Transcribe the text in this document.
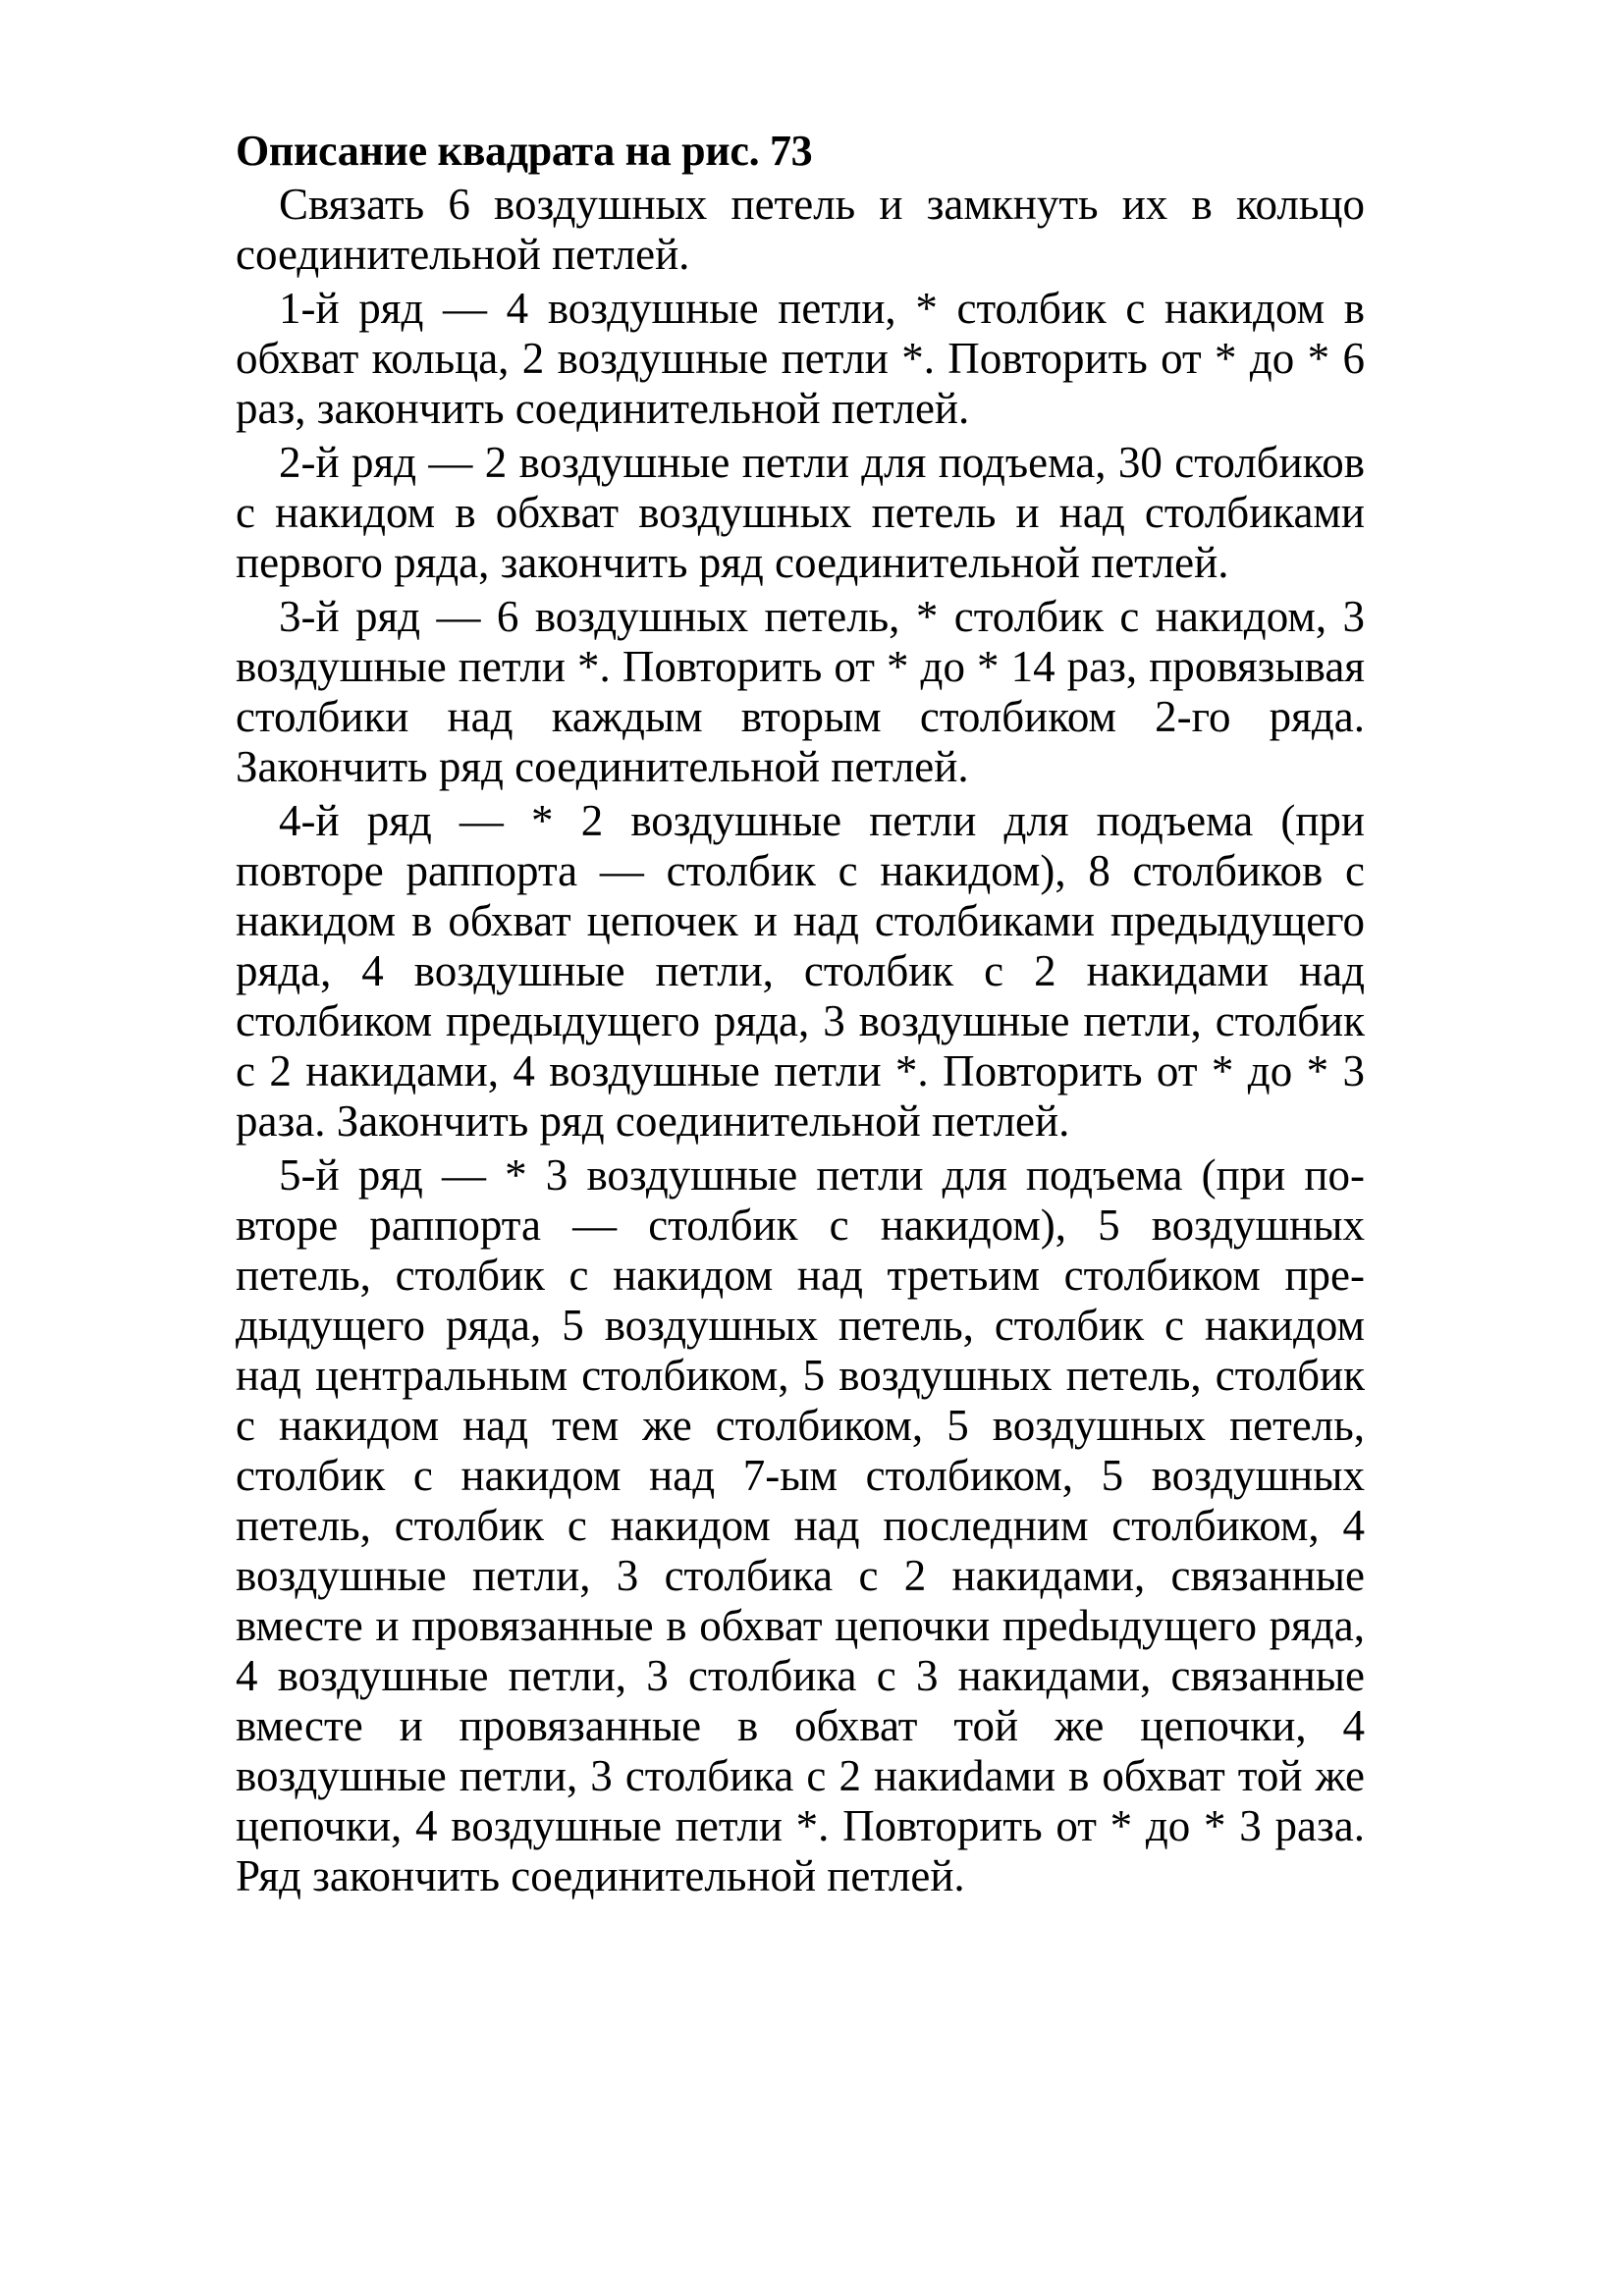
Описание квадрата на рис. 73

Связать 6 воздушных петель и замкнуть их в кольцо соединительной петлей.

1-й ряд — 4 воздушные петли, * столбик с накидом в обхват кольца, 2 воздушные петли *. Повторить от * до * 6 раз, закончить соединительной петлей.

2-й ряд — 2 воздушные петли для подъема, 30 столбиков с накидом в обхват воздушных петель и над столбиками первого ряда, закончить ряд соединительной петлей.

3-й ряд — 6 воздушных петель, * столбик с накидом, 3 воздушные петли *. Повторить от * до * 14 раз, провязывая столбики над каждым вторым столбиком 2-го ряда. Закончить ряд соединительной петлей.

4-й ряд — * 2 воздушные петли для подъема (при повторе раппорта — столбик с накидом), 8 столбиков с накидом в обхват цепочек и над столбиками предыдущего ряда, 4 воздушные петли, столбик с 2 накидами над столбиком предыдущего ряда, 3 воздушные петли, столбик с 2 накидами, 4 воздушные петли *. Повторить от * до * 3 раза. Закончить ряд соединительной петлей.

5-й ряд — * 3 воздушные петли для подъема (при повторе раппорта — столбик с накидом), 5 воздушных петель, столбик с накидом над третьим столбиком предыдущего ряда, 5 воздушных петель, столбик с накидом над центральным столбиком, 5 воздушных петель, столбик с накидом над тем же столбиком, 5 воздушных петель, столбик с накидом над 7-ым столбиком, 5 воздушных петель, столбик с накидом над последним столбиком, 4 воздушные петли, 3 столбика с 2 накидами, связанные вместе и провязанные в обхват цепочки преdыдущего ряда, 4 воздушные петли, 3 столбика с 3 накидами, связанные вместе и провязанные в обхват той же цепочки, 4 воздушные петли, 3 столбика с 2 накиdами в обхват той же цепочки, 4 воздушные петли *. Повторить от * до * 3 раза. Ряд закончить соединительной петлей.
